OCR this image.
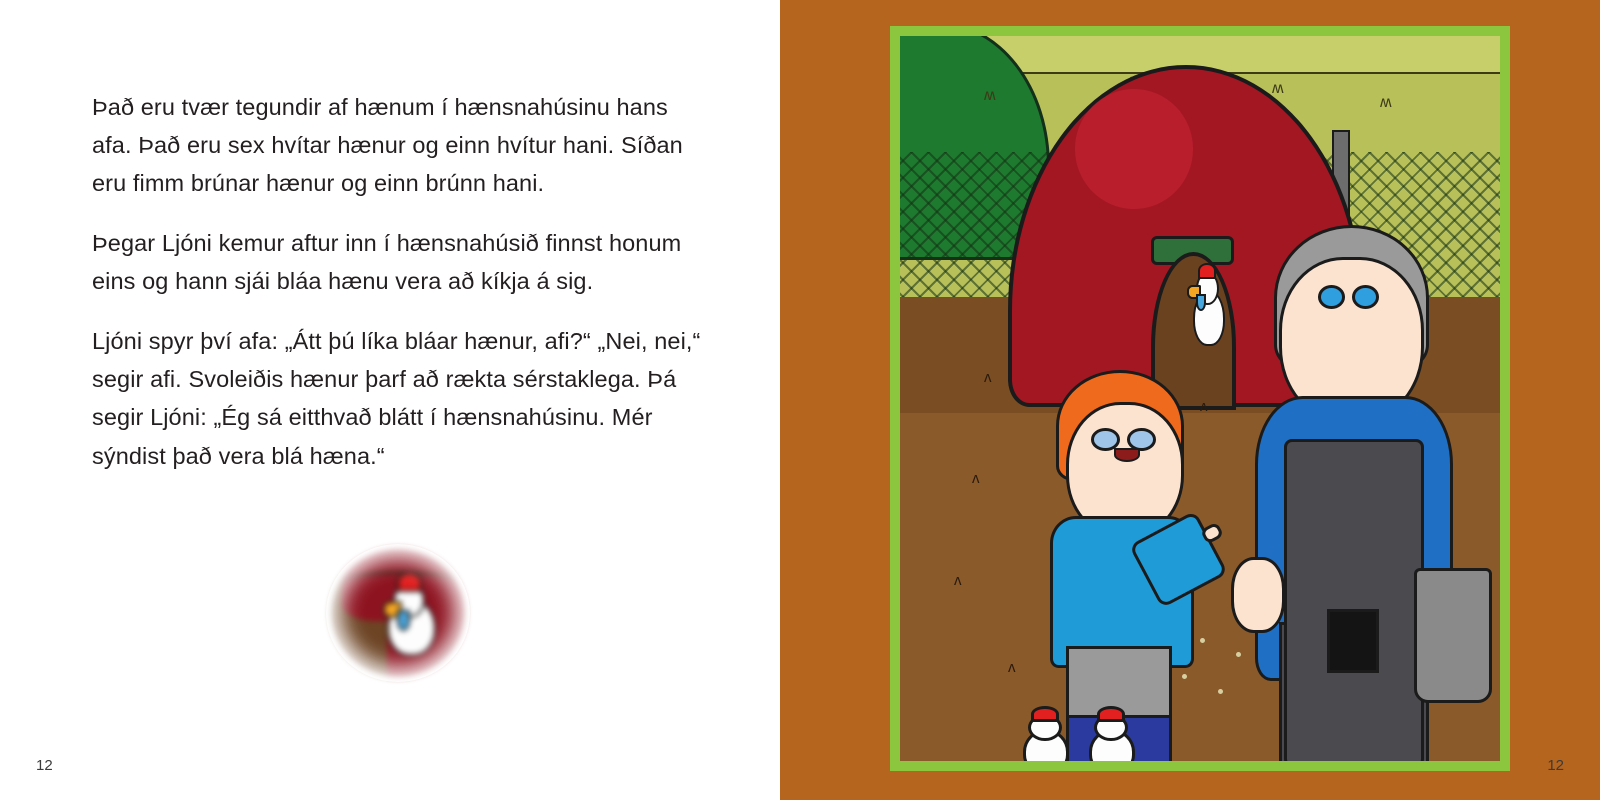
Það eru tvær tegundir af hænum í hænsnahúsinu hans afa. Það eru sex hvítar hænur og einn hvítur hani. Síðan eru fimm brúnar hænur og einn brúnn hani.

Þegar Ljóni kemur aftur inn í hænsnahúsið finnst honum eins og hann sjái bláa hænu vera að kíkja á sig.

Ljóni spyr því afa: „Átt þú líka bláar hænur, afi?“ „Nei, nei,“ segir afi. Svoleiðis hænur þarf að rækta sérstaklega. Þá segir Ljóni: „Ég sá eitthvað blátt í hænsnahúsinu. Mér sýndist það vera blá hæna.“

12
ʍ	ʍ
ʍ
ʌ
ʌ
ʌ
ʌ
ʌ
12
